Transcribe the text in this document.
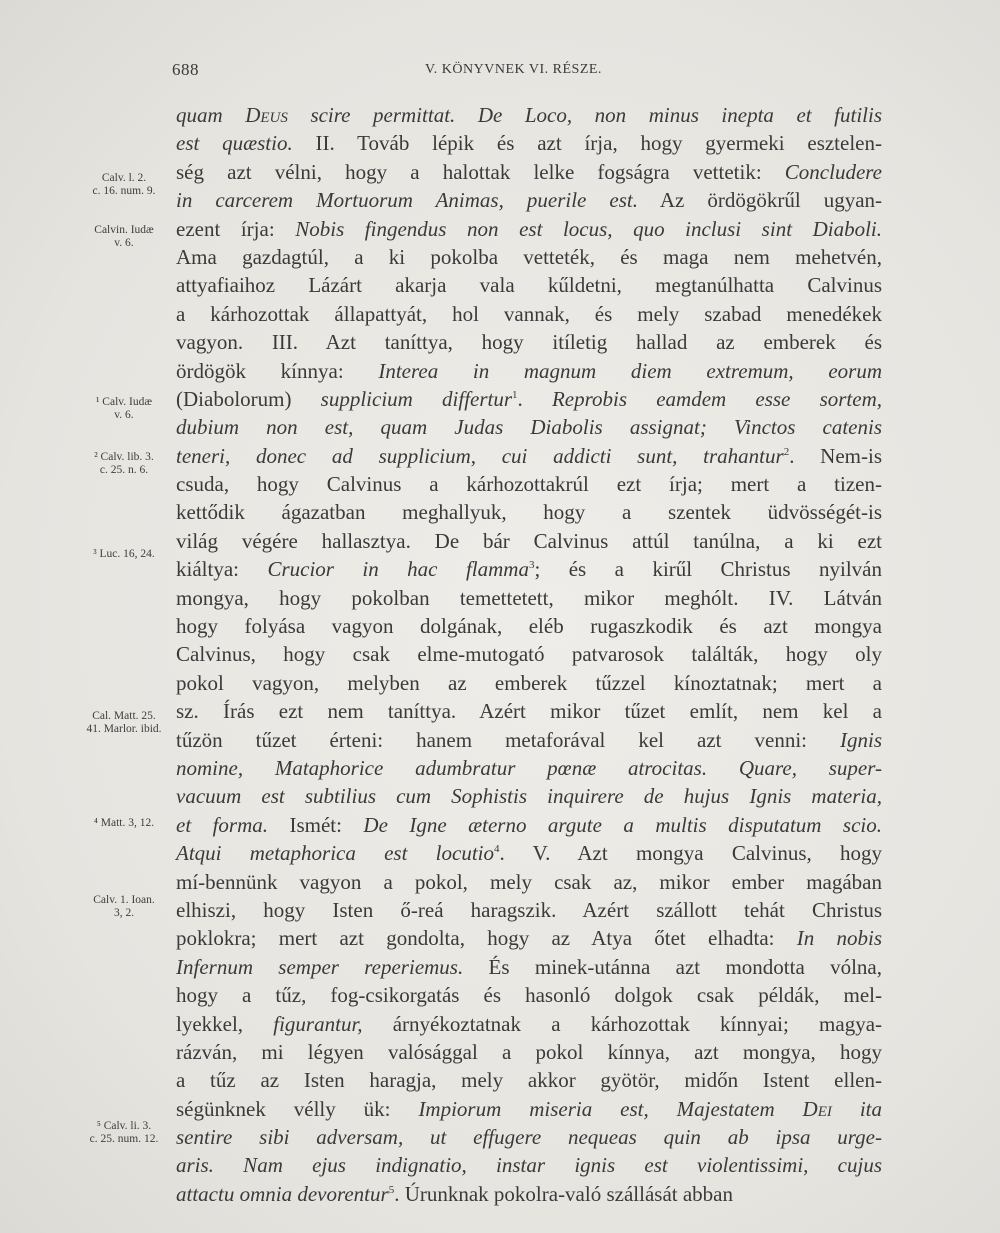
688	V. KÖNYVNEK VI. RÉSZE.
Calv. l. 2.
c. 16. num. 9.
Calvin. Iudæ
v. 6.
¹ Calv. Iudæ
v. 6.
² Calv. lib. 3.
c. 25. n. 6.
³ Luc. 16, 24.
Cal. Matt. 25.
41. Marlor. ibid.
⁴ Matt. 3, 12.
Calv. 1. Ioan.
3, 2.
⁵ Calv. li. 3.
c. 25. num. 12.
quam Deus scire permittat. De Loco, non minus inepta et futilis
est quæstio. II. Továb lépik és azt írja, hogy gyermeki esztelen-
ség azt vélni, hogy a halottak lelke fogságra vettetik: Concludere
in carcerem Mortuorum Animas, puerile est. Az ördögökrűl ugyan-
ezent írja: Nobis fingendus non est locus, quo inclusi sint Diaboli.
Ama gazdagtúl, a ki pokolba vetteték, és maga nem mehetvén,
attyafiaihoz Lázárt akarja vala kűldetni, megtanúlhatta Calvinus
a kárhozottak állapattyát, hol vannak, és mely szabad menedékek
vagyon. III. Azt taníttya, hogy itíletig hallad az emberek és
ördögök kínnya: Interea in magnum diem extremum, eorum
(Diabolorum) supplicium differtur$^1$. Reprobis eamdem esse sortem,
dubium non est, quam Judas Diabolis assignat; Vinctos catenis
teneri, donec ad supplicium, cui addicti sunt, trahantur$^2$. Nem-is
csuda, hogy Calvinus a kárhozottakrúl ezt írja; mert a tizen-
kettődik ágazatban meghallyuk, hogy a szentek üdvösségét-is
világ végére hallasztya. De bár Calvinus attúl tanúlna, a ki ezt
kiáltya: Crucior in hac flamma$^3$; és a kirűl Christus nyilván
mongya, hogy pokolban temettetett, mikor meghólt. IV. Látván
hogy folyása vagyon dolgának, eléb rugaszkodik és azt mongya
Calvinus, hogy csak elme-mutogató patvarosok találták, hogy oly
pokol vagyon, melyben az emberek tűzzel kínoztatnak; mert a
sz. Írás ezt nem taníttya. Azért mikor tűzet említ, nem kel a
tűzön tűzet érteni: hanem metaforával kel azt venni: Ignis
nomine, Mataphorice adumbratur pœnæ atrocitas. Quare, super-
vacuum est subtilius cum Sophistis inquirere de hujus Ignis materia,
et forma. Ismét: De Igne æterno argute a multis disputatum scio.
Atqui metaphorica est locutio$^4$. V. Azt mongya Calvinus, hogy
mí-bennünk vagyon a pokol, mely csak az, mikor ember magában
elhiszi, hogy Isten ő-reá haragszik. Azért szállott tehát Christus
poklokra; mert azt gondolta, hogy az Atya őtet elhadta: In nobis
Infernum semper reperiemus. És minek-utánna azt mondotta vólna,
hogy a tűz, fog-csikorgatás és hasonló dolgok csak példák, mel-
lyekkel, figurantur, árnyékoztatnak a kárhozottak kínnyai; magya-
rázván, mi légyen valósággal a pokol kínnya, azt mongya, hogy
a tűz az Isten haragja, mely akkor gyötör, midőn Istent ellen-
ségünknek vélly ük: Impiorum miseria est, Majestatem Dei ita
sentire sibi adversam, ut effugere nequeas quin ab ipsa urge-
aris. Nam ejus indignatio, instar ignis est violentissimi, cujus
attactu omnia devorentur$^5$. Úrunknak pokolra-való szállását abban
